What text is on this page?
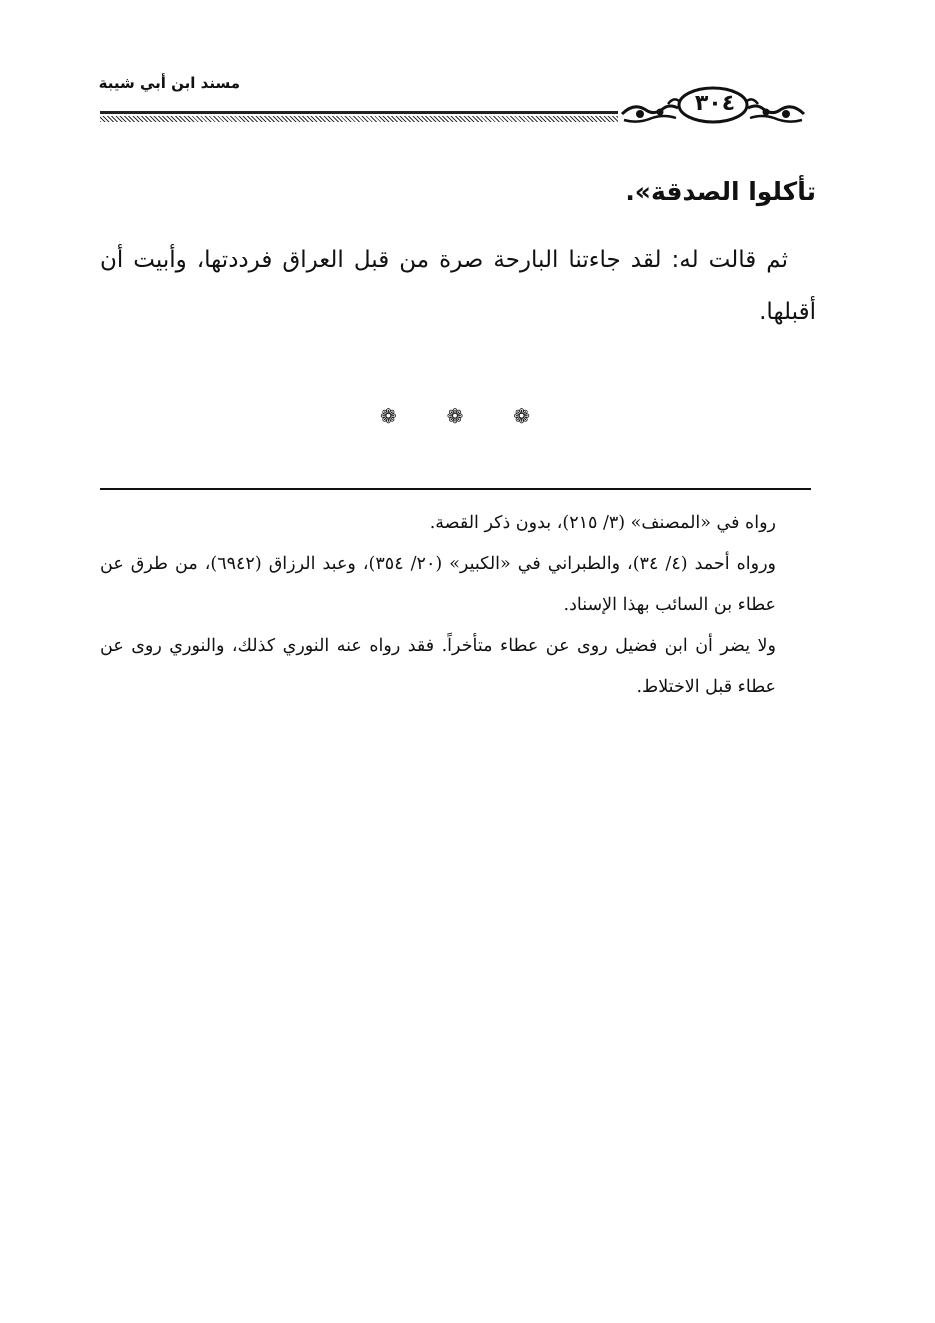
مسند ابن أبي شيبة
٣٠٤
تأكلوا الصدقة».
ثم قالت له: لقد جاءتنا البارحة صرة من قبل العراق فرددتها، وأبيت أن أقبلها.
❁ ❁ ❁

رواه في «المصنف» (٣/ ٢١٥)، بدون ذكر القصة.

ورواه أحمد (٤/ ٣٤)، والطبراني في «الكبير» (٢٠/ ٣٥٤)، وعبد الرزاق (٦٩٤٢)، من طرق عن عطاء بن السائب بهذا الإسناد.

ولا يضر أن ابن فضيل روى عن عطاء متأخراً. فقد رواه عنه النوري كذلك، والنوري روى عن عطاء قبل الاختلاط.
